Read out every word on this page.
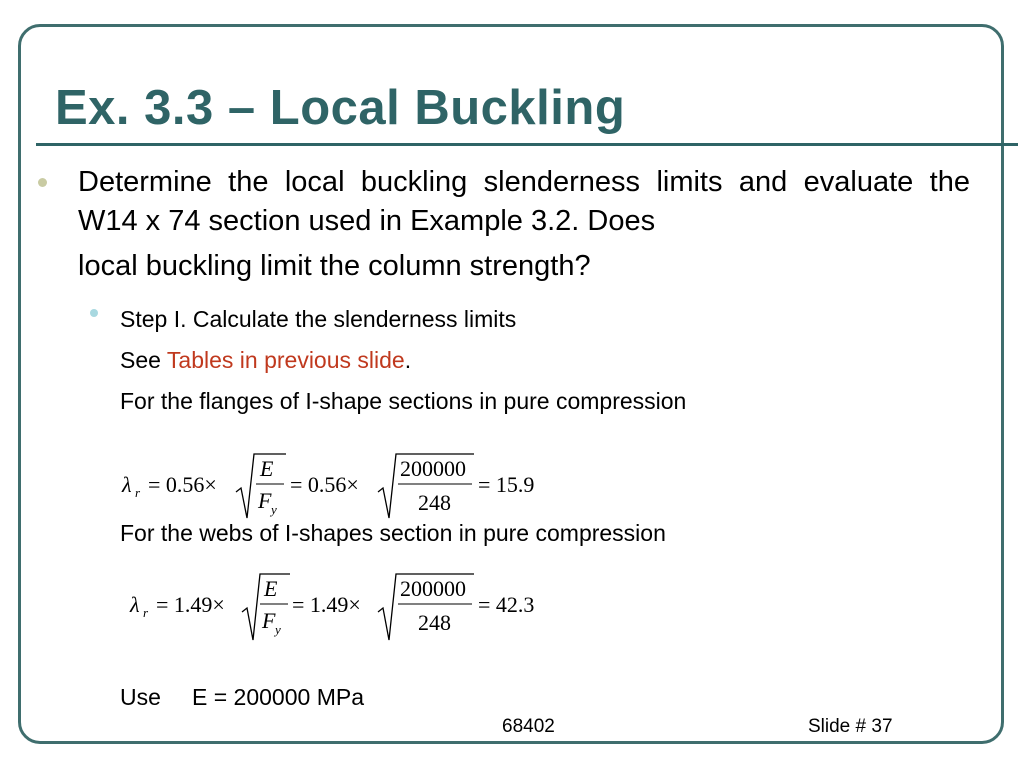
Ex. 3.3 – Local Buckling
Determine the local buckling slenderness limits and evaluate the W14 x 74 section used in Example 3.2. Does
local buckling limit the column strength?
Step I. Calculate the slenderness limits
See Tables in previous slide.
For the flanges of I-shape sections in pure compression
λ r = 0.56×
E
F y
= 0.56×
200000
248
= 15.9
For the webs of I-shapes section in pure compression
λ r = 1.49×
E
F y
= 1.49×
200000
248
= 42.3
Use E = 200000 MPa
68402	Slide # 37
